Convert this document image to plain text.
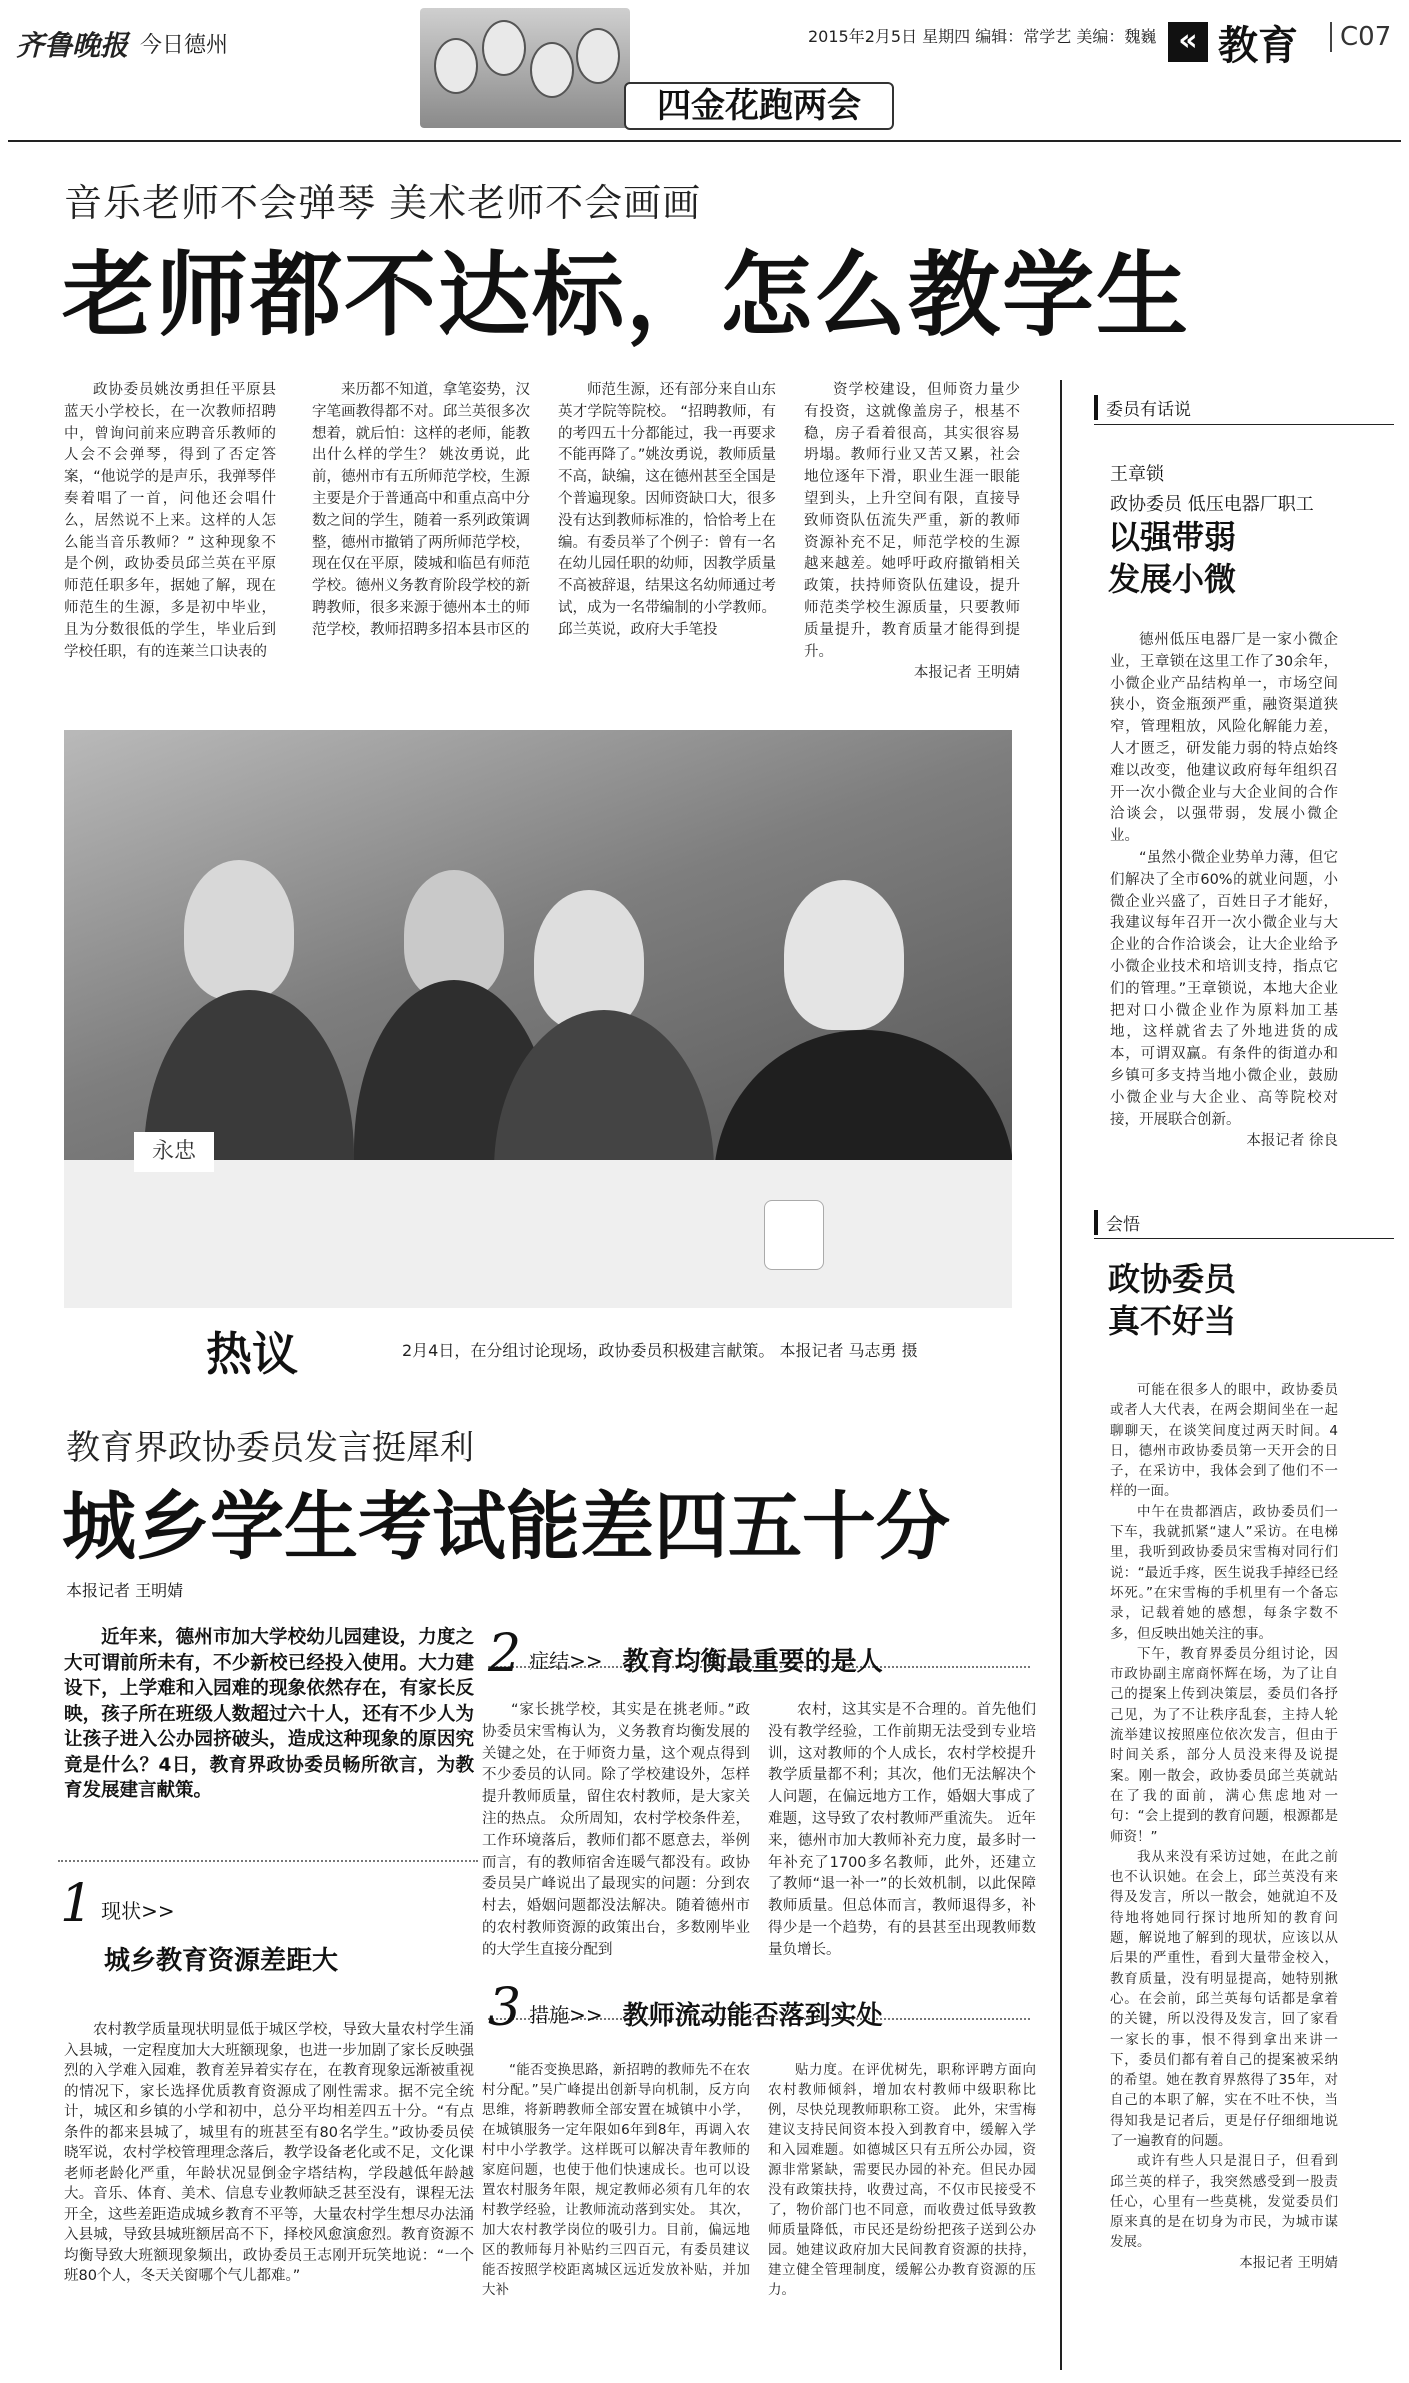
齐鲁晚报 今日德州
四金花跑两会
2015年2月5日 星期四 编辑：常学艺 美编：魏巍 « 教育	C07
音乐老师不会弹琴 美术老师不会画画
老师都不达标，怎么教学生

政协委员姚汝勇担任平原县蓝天小学校长，在一次教师招聘中，曾询问前来应聘音乐教师的人会不会弹琴，得到了否定答案，“他说学的是声乐，我弹琴伴奏着唱了一首，问他还会唱什么，居然说不上来。这样的人怎么能当音乐教师？” 这种现象不是个例，政协委员邱兰英在平原师范任职多年，据她了解，现在师范生的生源，多是初中毕业，且为分数很低的学生，毕业后到学校任职，有的连莱兰口诀表的

来历都不知道，拿笔姿势，汉字笔画教得都不对。邱兰英很多次想着，就后怕：这样的老师，能教出什么样的学生？ 姚汝勇说，此前，德州市有五所师范学校，生源主要是介于普通高中和重点高中分数之间的学生，随着一系列政策调整，德州市撤销了两所师范学校，现在仅在平原，陵城和临邑有师范学校。德州义务教育阶段学校的新聘教师，很多来源于德州本土的师范学校，教师招聘多招本县市区的

师范生源，还有部分来自山东英才学院等院校。 “招聘教师，有的考四五十分都能过，我一再要求不能再降了。”姚汝勇说，教师质量不高，缺编，这在德州甚至全国是个普遍现象。因师资缺口大，很多没有达到教师标准的，恰恰考上在编。有委员举了个例子：曾有一名在幼儿园任职的幼师，因教学质量不高被辞退，结果这名幼师通过考试，成为一名带编制的小学教师。 邱兰英说，政府大手笔投

资学校建设，但师资力量少有投资，这就像盖房子，根基不稳，房子看着很高，其实很容易坍塌。教师行业又苦又累，社会地位逐年下滑，职业生涯一眼能望到头，上升空间有限，直接导致师资队伍流失严重，新的教师资源补充不足，师范学校的生源越来越差。她呼吁政府撤销相关政策，扶持师资队伍建设，提升师范类学校生源质量，只要教师质量提升，教育质量才能得到提升。

本报记者 王明婧
委员有话说
王章锁
政协委员 低压电器厂职工
以强带弱
发展小微

德州低压电器厂是一家小微企业，王章锁在这里工作了30余年，小微企业产品结构单一，市场空间狭小，资金瓶颈严重，融资渠道狭窄，管理粗放，风险化解能力差，人才匮乏，研发能力弱的特点始终难以改变，他建议政府每年组织召开一次小微企业与大企业间的合作洽谈会，以强带弱，发展小微企业。

“虽然小微企业势单力薄，但它们解决了全市60%的就业问题，小微企业兴盛了，百姓日子才能好，我建议每年召开一次小微企业与大企业的合作洽谈会，让大企业给予小微企业技术和培训支持，指点它们的管理。”王章锁说，本地大企业把对口小微企业作为原料加工基地，这样就省去了外地进货的成本，可谓双赢。有条件的街道办和乡镇可多支持当地小微企业，鼓励小微企业与大企业、高等院校对接，开展联合创新。

本报记者 徐良
永忠
热议	2月4日，在分组讨论现场，政协委员积极建言献策。 本报记者 马志勇 摄
会悟
政协委员
真不好当

可能在很多人的眼中，政协委员或者人大代表，在两会期间坐在一起聊聊天，在谈笑间度过两天时间。4日，德州市政协委员第一天开会的日子，在采访中，我体会到了他们不一样的一面。

中午在贵都酒店，政协委员们一下车，我就抓紧“逮人”采访。在电梯里，我听到政协委员宋雪梅对同行们说：“最近手疼，医生说我手掉经已经坏死。”在宋雪梅的手机里有一个备忘录，记载着她的感想，每条字数不多，但反映出她关注的事。

下午，教育界委员分组讨论，因市政协副主席商怀辉在场，为了让自己的提案上传到决策层，委员们各抒己见，为了不让秩序乱套，主持人轮流举建议按照座位依次发言，但由于时间关系，部分人员没来得及说提案。刚一散会，政协委员邱兰英就站在了我的面前，满心焦虑地对一句：“会上提到的教育问题，根源都是师资！”

我从来没有采访过她，在此之前也不认识她。在会上，邱兰英没有来得及发言，所以一散会，她就迫不及待地将她同行探讨地所知的教育问题，解说地了解到的现状，应该以从后果的严重性，看到大量带金校入，教育质量，没有明显提高，她特别揪心。在会前，邱兰英每句话都是拿着的关键，所以没得及发言，回了家看一家长的事，恨不得到拿出来讲一下，委员们都有着自己的提案被采纳的希望。她在教育界熬得了35年，对自己的本职了解，实在不吐不快，当得知我是记者后，更是仔仔细细地说了一遍教育的问题。

或许有些人只是混日子，但看到邱兰英的样子，我突然感受到一股责任心，心里有一些莫桃，发觉委员们原来真的是在切身为市民，为城市谋发展。

本报记者 王明婧
教育界政协委员发言挺犀利
城乡学生考试能差四五十分
本报记者 王明婧

近年来，德州市加大学校幼儿园建设，力度之大可谓前所未有，不少新校已经投入使用。大力建设下，上学难和入园难的现象依然存在，有家长反映，孩子所在班级人数超过六十人，还有不少人为让孩子进入公办园挤破头，造成这种现象的原因究竟是什么？4日，教育界政协委员畅所欲言，为教育发展建言献策。

1 现状>>
城乡教育资源差距大

农村教学质量现状明显低于城区学校，导致大量农村学生涌入县城，一定程度加大大班额现象，也进一步加剧了家长反映强烈的入学难入园难，教育差异着实存在，在教育现象远渐被重视的情况下，家长选择优质教育资源成了刚性需求。据不完全统计，城区和乡镇的小学和初中，总分平均相差四五十分。“有点条件的都来县城了，城里有的班甚至有80名学生。”政协委员侯晓军说，农村学校管理理念落后，教学设备老化或不足，文化课老师老龄化严重，年龄状况显倒金字塔结构，学段越低年龄越大。音乐、体育、美术、信息专业教师缺乏甚至没有，课程无法开全，这些差距造成城乡教育不平等，大量农村学生想尽办法涌入县城，导致县城班额居高不下，择校风愈演愈烈。教育资源不均衡导致大班额现象频出，政协委员王志刚开玩笑地说：“一个班80个人，冬天关窗哪个气儿都难。”

2 症结>> 教育均衡最重要的是人

“家长挑学校，其实是在挑老师。”政协委员宋雪梅认为，义务教育均衡发展的关键之处，在于师资力量，这个观点得到不少委员的认同。除了学校建设外，怎样提升教师质量，留住农村教师，是大家关注的热点。 众所周知，农村学校条件差，工作环境落后，教师们都不愿意去，举例而言，有的教师宿舍连暖气都没有。政协委员吴广峰说出了最现实的问题：分到农村去，婚姻问题都没法解决。随着德州市的农村教师资源的政策出台，多数刚毕业的大学生直接分配到

农村，这其实是不合理的。首先他们没有教学经验，工作前期无法受到专业培训，这对教师的个人成长，农村学校提升教学质量都不利；其次，他们无法解决个人问题，在偏远地方工作，婚姻大事成了难题，这导致了农村教师严重流失。 近年来，德州市加大教师补充力度，最多时一年补充了1700多名教师，此外，还建立了教师“退一补一”的长效机制，以此保障教师质量。但总体而言，教师退得多，补得少是一个趋势，有的县甚至出现教师数量负增长。

3 措施>> 教师流动能否落到实处

“能否变换思路，新招聘的教师先不在农村分配。”吴广峰提出创新导向机制，反方向思维，将新聘教师全部安置在城镇中小学，在城镇服务一定年限如6年到8年，再调入农村中小学教学。这样既可以解决青年教师的家庭问题，也使于他们快速成长。也可以设置农村服务年限，规定教师必须有几年的农村教学经验，让教师流动落到实处。 其次，加大农村教学岗位的吸引力。目前，偏远地区的教师每月补贴约三四百元，有委员建议能否按照学校距离城区远近发放补贴，并加大补

贴力度。在评优树先，职称评聘方面向农村教师倾斜，增加农村教师中级职称比例，尽快兑现教师职称工资。 此外，宋雪梅建议支持民间资本投入到教育中，缓解入学和入园难题。如德城区只有五所公办园，资源非常紧缺，需要民办园的补充。但民办园没有政策扶持，收费过高，不仅市民接受不了，物价部门也不同意，而收费过低导致教师质量降低，市民还是纷纷把孩子送到公办园。她建议政府加大民间教育资源的扶持，建立健全管理制度，缓解公办教育资源的压力。
